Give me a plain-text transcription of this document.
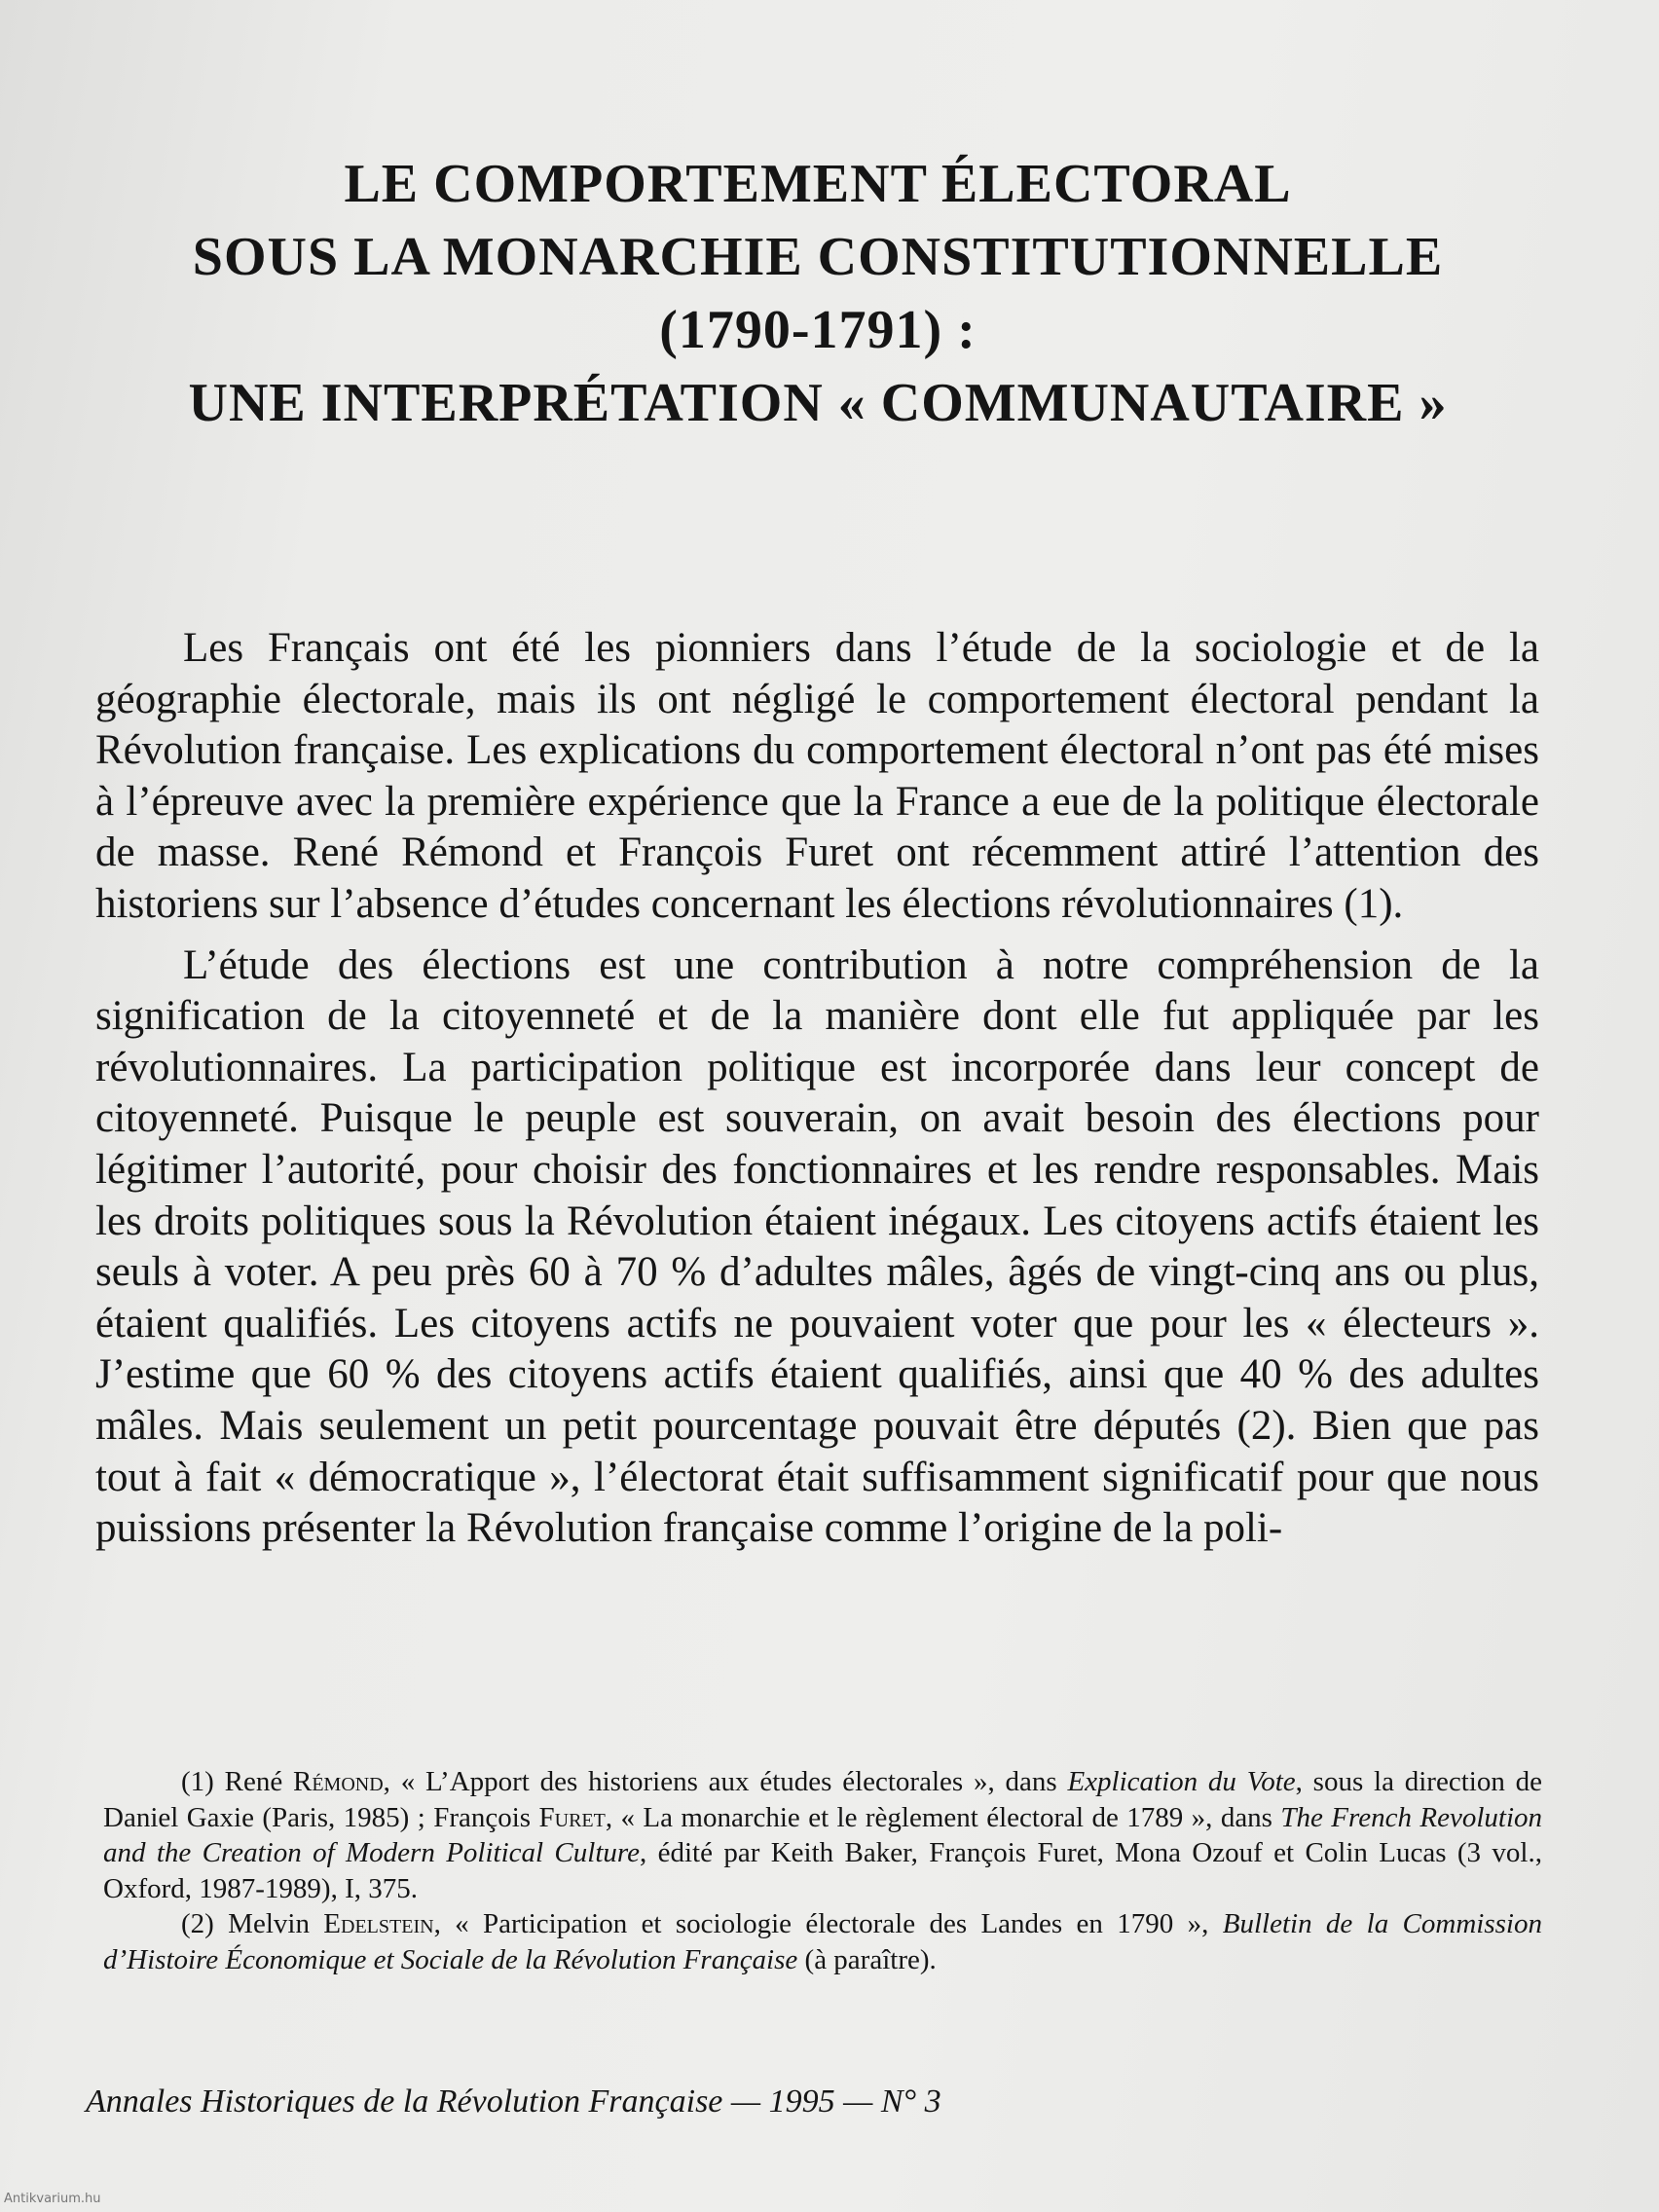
LE COMPORTEMENT ÉLECTORAL
SOUS LA MONARCHIE CONSTITUTIONNELLE
(1790-1791) :
UNE INTERPRÉTATION « COMMUNAUTAIRE »

Les Français ont été les pionniers dans l’étude de la sociologie et de la géographie électorale, mais ils ont négligé le comportement électoral pendant la Révolution française. Les explications du comportement électoral n’ont pas été mises à l’épreuve avec la première expérience que la France a eue de la politique électorale de masse. René Rémond et François Furet ont récemment attiré l’attention des historiens sur l’absence d’études concernant les élections révolutionnaires (1).

L’étude des élections est une contribution à notre compréhension de la signification de la citoyenneté et de la manière dont elle fut appliquée par les révolutionnaires. La participation politique est incorporée dans leur concept de citoyenneté. Puisque le peuple est souverain, on avait besoin des élections pour légitimer l’autorité, pour choisir des fonctionnaires et les rendre responsables. Mais les droits politiques sous la Révolution étaient inégaux. Les citoyens actifs étaient les seuls à voter. A peu près 60 à 70 % d’adultes mâles, âgés de vingt-cinq ans ou plus, étaient qualifiés. Les citoyens actifs ne pouvaient voter que pour les « électeurs ». J’estime que 60 % des citoyens actifs étaient qualifiés, ainsi que 40 % des adultes mâles. Mais seulement un petit pourcentage pouvait être députés (2). Bien que pas tout à fait « démocratique », l’électorat était suffisamment significatif pour que nous puissions présenter la Révolution française comme l’origine de la poli-

(1) René Rémond, « L’Apport des historiens aux études électorales », dans Explication du Vote, sous la direction de Daniel Gaxie (Paris, 1985) ; François Furet, « La monarchie et le règlement électoral de 1789 », dans The French Revolution and the Creation of Modern Political Culture, édité par Keith Baker, François Furet, Mona Ozouf et Colin Lucas (3 vol., Oxford, 1987-1989), I, 375.

(2) Melvin Edelstein, « Participation et sociologie électorale des Landes en 1790 », Bulletin de la Commission d’Histoire Économique et Sociale de la Révolution Française (à paraître).

Annales Historiques de la Révolution Française — 1995 — N° 3
Antikvarium.hu
